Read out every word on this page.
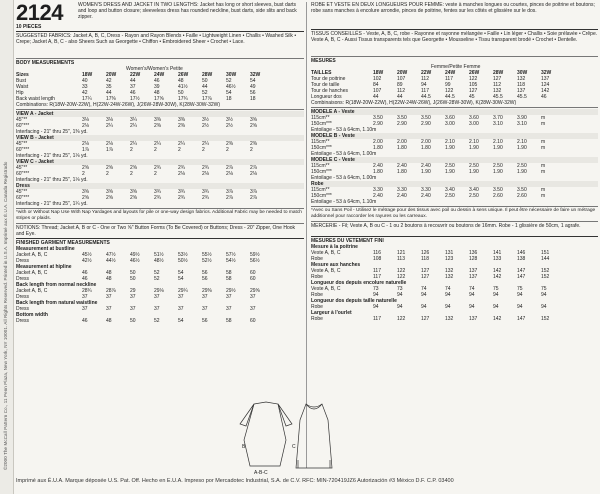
©2000 The McCall Pattern Co., 11 Penn Plaza, New York, NY 10001. All Rights Reserved. Printed in U.S.A. Imprimé aux É.U.A. Canada Registrado
2124
10 PIECES
WOMEN'S DRESS AND JACKET IN TWO LENGTHS: Jacket has long or short sleeves, bust darts and loop and button closure; sleeveless dress has rounded neckline, bust darts, side slits and back zipper.
SUGGESTED FABRICS: Jacket A, B, C, Dress - Rayon and Rayon Blends • Faille • Lightweight Linen • Challis • Washed Silk • Crepe; Jacket A, B, C - also Sheers Such as Georgette • Chiffon • Embroidered Sheer • Crochet • Lace.
BODY MEASUREMENTS
Women's/Women's Petite
Sizes	18W	20W	22W	24W	26W	28W	30W	32W
Bust	40	42	44	46	48	50	52	54
Waist	33	35	37	39	41½	44	46½	49
Hip	42	44	46	48	50	52	54	56
Back waist length	17¼	17⅜	17½	17⅝	17¾	17⅞	18	18
Combinations: R(18W-20W-22W), H(22W-24W-26W), J(26W-28W-30W), K(28W-30W-32W)
VIEW A - Jacket
45"**	3⅛	3⅛	3¼	3⅜	3⅜	3½	3½	3⅝
60"***	2⅛	2¼	2¼	2⅜	2⅜	2½	2½	2⅝
Interfacing - 21" thru 25", 1⅜ yd.
VIEW B - Jacket
45"**	2⅛	2⅛	2¼	2¼	2¼	2¼	2⅜	2⅜
60"***	1⅞	1⅞	2	2	2	2	2	2
Interfacing - 21" thru 25", 1⅛ yd.
VIEW C - Jacket
45"**	2⅝	2⅝	2⅝	2¾	2¾	2¾	2⅞	2⅞
60"***	2	2	2	2	2⅛	2⅛	2⅛	2⅛
Interfacing - 21" thru 25", 1⅛ yd.
Dress
45"**	3⅝	3⅝	3⅝	3¾	3¾	3¾	3⅞	3⅞
60"***	2⅝	2⅝	2⅝	2¾	2¾	2¾	2⅞	2⅞
Interfacing - 21" thru 25", 1¼ yd.
*with or Without Nap Use With Nap Yardages and layouts for pile or one-way design fabrics. Additional Fabric may be needed to match stripes or plaids.
NOTIONS: Thread; Jacket A, B or C - One or Two ⅝" Button Forms (To Be Covered) or Buttons; Dress - 20" Zipper, One Hook and Eye.
FINISHED GARMENT MEASUREMENTS
Measurement at bustline
Jacket A, B, C	45½	47½	49½	51½	53½	55½	57½	59½
Dress	42½	44½	46½	48½	50½	52½	54½	56½
Measurement at hipline
Jacket A, B, C	46	48	50	52	54	56	58	60
Dress	46	48	50	52	54	56	58	60
Back length from normal neckline
Jacket A, B, C	28¾	28⅞	29	29⅛	29¼	29⅜	29½	29⅝
Dress	37	37	37	37	37	37	37	37
Back length from natural waistline
Dress	37	37	37	37	37	37	37	37
Bottom width
Dress	46	48	50	52	54	56	58	60
ROBE ET VESTE EN DEUX LONGUEURS POUR FEMME: veste à manches longues ou courtes, pinces de poitrine et boutons; robe sans manches à encolure arrondie, pinces de poitrine, fentes sur les côtés et glissière sur le dos.
TISSUS CONSEILLÉS - Veste, A, B, C, robe - Rayonne et rayonne mélangée • Faille • Lin léger • Challis • Soie prélavée • Crêpe. Veste A, B, C - Aussi Tissus transparents tels que Georgette • Mousseline • Tissu transparent brodé • Crochet • Dentelle.
MESURES
Femme/Petite Femme
TAILLES	18W	20W	22W	24W	26W	28W	30W	32W
Tour de poitrine	102	107	112	117	122	127	132	137
Tour de taille	84	89	94	99	105	112	118	124
Tour de hanches	107	112	117	122	127	132	137	142
Longueur dos	44	44	44.5	44.5	45	45.5	45.5	46
Combinaisons: R(18W-20W-22W), H(22W-24W-26W), J(26W-28W-30W), K(28W-30W-32W)
MODELE A - Veste
115cm**	3.50	3.50	3.50	3.60	3.60	3.70	3.90	m
150cm***	2.90	2.90	2.90	3.00	3.00	3.10	3.10	m
Entoilage - 53 à 64cm, 1.10m
MODELE B - Veste
115cm**	2.00	2.00	2.00	2.10	2.10	2.10	2.10	m
150cm***	1.80	1.80	1.80	1.90	1.90	1.90	1.90	m
Entoilage - 53 à 64cm, 1.00m
MODELE C - Veste
115cm**	2.40	2.40	2.40	2.50	2.50	2.50	2.50	m
150cm***	1.80	1.80	1.90	1.90	1.90	1.90	1.90	m
Entoilage - 53 à 64cm, 1.00m
Robe
115cm**	3.30	3.30	3.30	3.40	3.40	3.50	3.50	m
150cm***	2.40	2.40	2.40	2.50	2.50	2.60	2.60	m
Entoilage - 53 à 64cm, 1.10m
*Avec ou Sans Poil - Utilisez le métrage pour des tissus avec poil ou dessin à sens unique. Il peut être nécessaire de faire un métrage additionnel pour raccorder les rayures ou les carreaux.
MERCERIE - Fil; Veste A, B ou C - 1 ou 2 boutons à recouvrir ou boutons de 16mm. Robe - 1 glissière de 50cm, 1 agrafe.
MESURES DU VETEMENT FINI
Mesure à la poitrine
Veste A, B, C	116	121	126	131	136	141	146	151
Robe	108	113	118	123	128	133	138	144
Mesure aux hanches
Veste A, B, C	117	122	127	132	137	142	147	152
Robe	117	122	127	132	137	142	147	152
Longueur dos depuis encolure naturelle
Veste A, B, C	73	73	74	74	74	75	75	75
Robe	94	94	94	94	94	94	94	94
Longueur dos depuis taille naturelle
Robe	94	94	94	94	94	94	94	94
Largeur à l'ourlet
Robe	117	122	127	132	137	142	147	152
B	C
A-B-C
Imprimé aux É.U.A. Marque déposée U.S. Pat. Off. Hecho en E.U.A. Impreso por Mercadotec Industrial, S.A. de C.V. RFC: MIN-720419JZ6 Autorización #3 México D.F. C.P. 03400
